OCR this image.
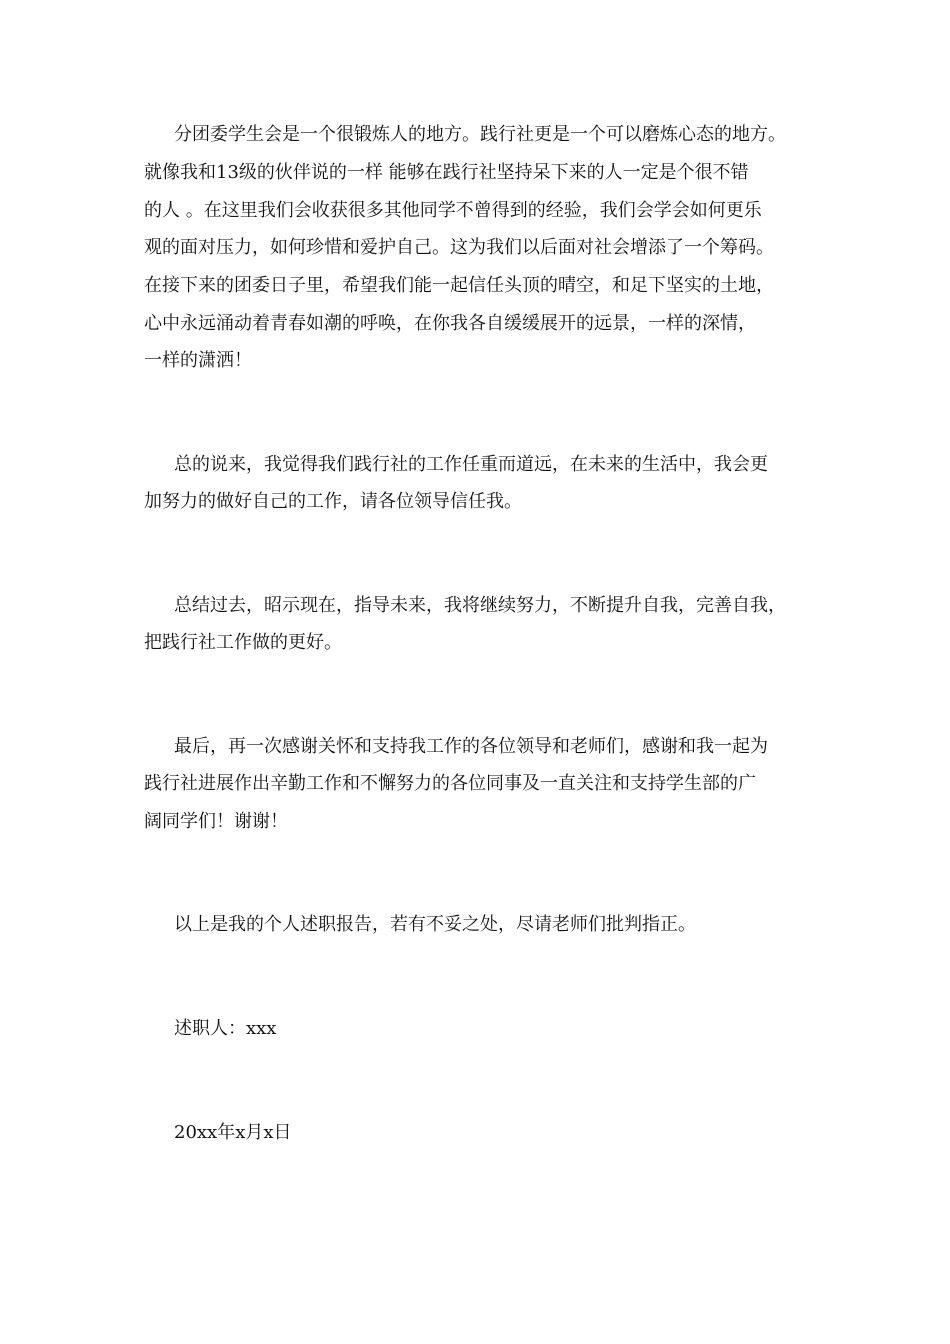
分团委学生会是一个很锻炼人的地方。践行社更是一个可以磨炼心态的地方。
就像我和13级的伙伴说的一样 能够在践行社坚持呆下来的人一定是个很不错
的人 。在这里我们会收获很多其他同学不曾得到的经验，我们会学会如何更乐
观的面对压力，如何珍惜和爱护自己。这为我们以后面对社会增添了一个筹码。
在接下来的团委日子里，希望我们能一起信任头顶的晴空，和足下坚实的土地，
心中永远涌动着青春如潮的呼唤，在你我各自缓缓展开的远景，一样的深情，
一样的潇洒！
总的说来，我觉得我们践行社的工作任重而道远，在未来的生活中，我会更
加努力的做好自己的工作，请各位领导信任我。
总结过去，昭示现在，指导未来，我将继续努力，不断提升自我，完善自我，
把践行社工作做的更好。
最后，再一次感谢关怀和支持我工作的各位领导和老师们，感谢和我一起为
践行社进展作出辛勤工作和不懈努力的各位同事及一直关注和支持学生部的广
阔同学们！谢谢！
以上是我的个人述职报告，若有不妥之处，尽请老师们批判指正。
述职人：xxx
20xx年x月x日
